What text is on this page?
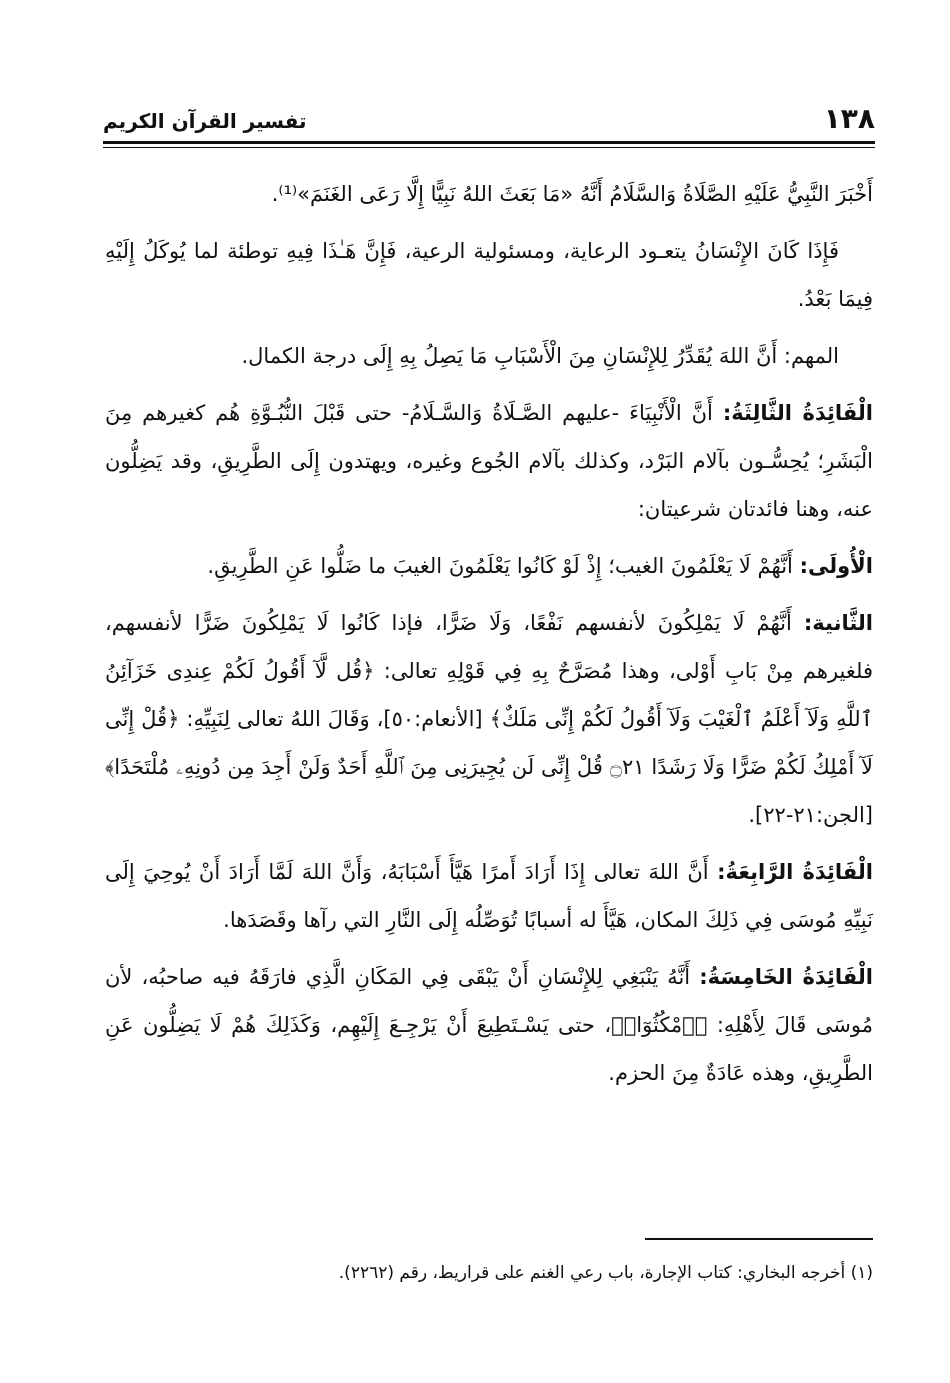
١٣٨
تفسير القرآن الكريم

أَخْبَرَ النَّبِيُّ عَلَيْهِ الصَّلَاةُ وَالسَّلَامُ أَنَّهُ «مَا بَعَثَ اللهُ نَبِيًّا إِلَّا رَعَى الغَنَمَ»⁽¹⁾.

فَإِذَا كَانَ الإِنْسَانُ يتعـود الرعاية، ومسئولية الرعية، فَإِنَّ هَـٰذَا فِيهِ توطئة لما يُوكَلُ إِلَيْهِ فِيمَا بَعْدُ.

المهم: أَنَّ اللهَ يُقَدِّرُ لِلإِنْسَانِ مِنَ الْأَسْبَابِ مَا يَصِلُ بِهِ إِلَى درجة الكمال.

الْفَائِدَةُ الثَّالِثَةُ: أَنَّ الْأَنْبِيَاءَ -عليهم الصَّـلَاةُ وَالسَّـلَامُ- حتى قَبْلَ النُّبُـوَّةِ هُم كغيرهم مِنَ الْبَشَرِ؛ يُحِسُّـون بآلام البَرْد، وكذلك بآلام الجُوع وغيره، ويهتدون إِلَى الطَّرِيقِ، وقد يَضِلُّون عنه، وهنا فائدتان شرعيتان:

الْأُولَى: أَنَّهُمْ لَا يَعْلَمُونَ الغيب؛ إِذْ لَوْ كَانُوا يَعْلَمُونَ الغيبَ ما ضَلُّوا عَنِ الطَّرِيقِ.

الثَّانية: أَنَّهُمْ لَا يَمْلِكُونَ لأنفسهم نَفْعًا، وَلَا ضَرًّا، فإذا كَانُوا لَا يَمْلِكُونَ ضَرًّا لأنفسهم، فلغيرهم مِنْ بَابِ أَوْلى، وهذا مُصَرَّحٌ بِهِ فِي قَوْلِهِ تعالى: ﴿قُل لَّآ أَقُولُ لَكُمْ عِندِى خَزَآئِنُ ٱللَّهِ وَلَآ أَعْلَمُ ٱلْغَيْبَ وَلَآ أَقُولُ لَكُمْ إِنِّى مَلَكٌ﴾ [الأنعام:٥٠]، وَقَالَ اللهُ تعالى لِنَبِيِّهِ: ﴿قُلْ إِنِّى لَآ أَمْلِكُ لَكُمْ ضَرًّا وَلَا رَشَدًا ۝٢١ قُلْ إِنِّى لَن يُجِيرَنِى مِنَ ٱللَّهِ أَحَدٌ وَلَنْ أَجِدَ مِن دُونِهِۦ مُلْتَحَدًا﴾ [الجن:٢١-٢٢].

الْفَائِدَةُ الرَّابِعَةُ: أَنَّ اللهَ تعالى إِذَا أَرَادَ أَمرًا هَيَّأَ أَسْبَابَهُ، وَأَنَّ اللهَ لَمَّا أَرَادَ أَنْ يُوحِيَ إِلَى نَبِيِّهِ مُوسَى فِي ذَلِكَ المكان، هَيَّأَ له أسبابًا تُوَصِّلُه إِلَى النَّارِ التي رآها وقَصَدَها.

الْفَائِدَةُ الخَامِسَةُ: أَنَّهُ يَنْبَغِي لِلإِنْسَانِ أَنْ يَبْقَى فِي المَكَانِ الَّذِي فارَقَهُ فيه صاحبُه، لأن مُوسَى قَالَ لِأَهْلِهِ: ﴿ٱمْكُثُوٓا۟﴾، حتى يَسْـتَطِيعَ أَنْ يَرْجِـعَ إِلَيْهِم، وَكَذَلِكَ هُمْ لَا يَضِلُّون عَنِ الطَّرِيقِ، وهذه عَادَةٌ مِنَ الحزم.

(١) أخرجه البخاري: كتاب الإجارة، باب رعي الغنم على قراريط، رقم (٢٢٦٢).
